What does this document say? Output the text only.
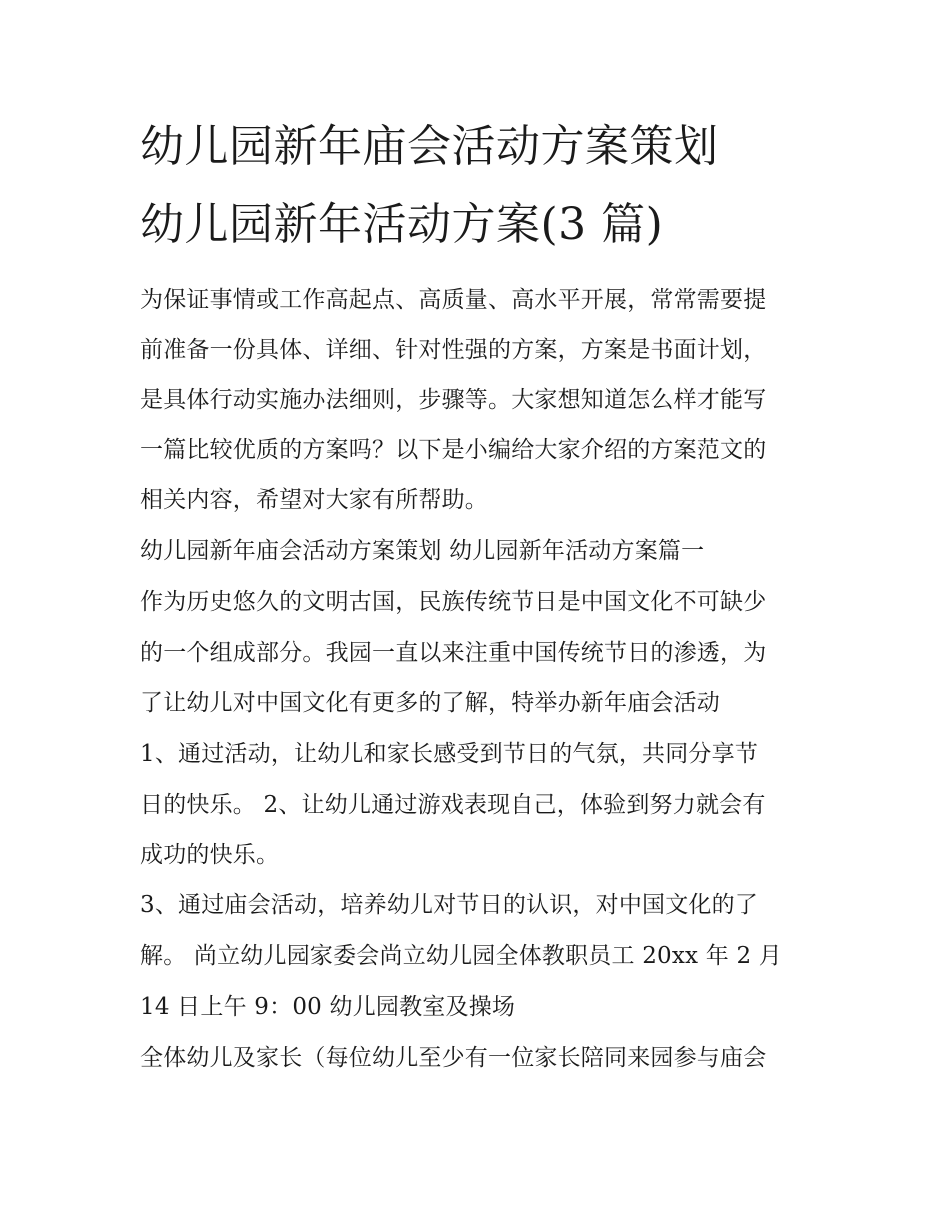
幼儿园新年庙会活动方案策划
幼儿园新年活动方案(3 篇)
为保证事情或工作高起点、高质量、高水平开展，常常需要提
前准备一份具体、详细、针对性强的方案，方案是书面计划，
是具体行动实施办法细则，步骤等。大家想知道怎么样才能写
一篇比较优质的方案吗？以下是小编给大家介绍的方案范文的
相关内容，希望对大家有所帮助。
幼儿园新年庙会活动方案策划 幼儿园新年活动方案篇一
作为历史悠久的文明古国，民族传统节日是中国文化不可缺少
的一个组成部分。我园一直以来注重中国传统节日的渗透，为
了让幼儿对中国文化有更多的了解，特举办新年庙会活动
1、通过活动，让幼儿和家长感受到节日的气氛，共同分享节
日的快乐。 2、让幼儿通过游戏表现自己，体验到努力就会有
成功的快乐。
3、通过庙会活动，培养幼儿对节日的认识，对中国文化的了
解。 尚立幼儿园家委会尚立幼儿园全体教职员工 20xx 年 2 月
14 日上午 9：00 幼儿园教室及操场
全体幼儿及家长（每位幼儿至少有一位家长陪同来园参与庙会
